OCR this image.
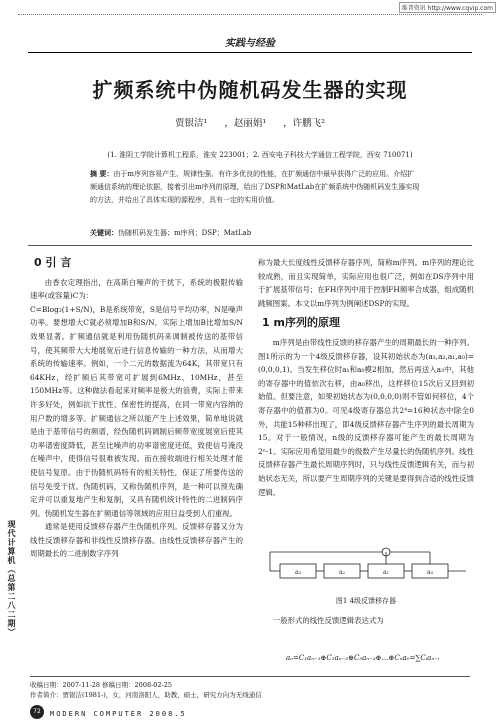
维普资讯 http://www.cqvip.com
实践与经验
扩频系统中伪随机码发生器的实现
贾银洁¹ ，赵丽娟¹ ，许鹏飞²
(1. 淮阴工学院计算机工程系，淮安 223001；2. 西安电子科技大学通信工程学院，西安 710071)
摘 要：由于m序列容易产生、规律性强、有许多优良的性能，在扩频通信中最早获得广泛的应用。介绍扩频通信系统的理论依据，接着引出m序列的原理，给出了DSP和MatLab在扩频系统中伪随机码发生器实现的方法，并给出了具体实现的源程序，具有一定的实用价值。
关键词：伪随机码发生器；m序列；DSP；MatLab
0 引 言
由香农定理指出，在高斯白噪声的干扰下，系统的极限传输速率(或容量)C为：
C=Blog₂(1+S/N)，B是系统带宽，S是信号平均功率，N是噪声功率。要想增大C就必须增加B和S/N，实际上增加B比增加S/N效果显著。扩频通信就是利用伪随机码来调制被传送的基带信号，使其频带大大地展宽后进行信息传输的一种方法，从而增大系统的传输速率。例如，一个二元的数据流为64K，其带宽只有64KHz，经扩频后其带宽可扩展到6MHz、10MHz，甚至150MHz等。这种做法看起来对频率是极大的浪费，实际上带来许多好处，例如抗干扰性、保密性的提高，在同一带宽内容纳的用户数的增多等。扩频通信之所以能产生上述效果，简单地说就是由于基带信号的频谱，经伪随机码调制后频带宽度展宽后使其功率谱密度降低，甚至比噪声的功率谱密度还低，致使信号淹没在噪声中，使得信号很难被发现。而在接收端进行相关处理才能使信号复原。由于伪随机码特有的相关特性，保证了所要传送的信号免受干扰。伪随机码，又称伪随机序列，是一种可以预先确定并可以重复地产生和复制，又具有随机统计特性的二进制码序列。伪随机发生器在扩频通信等领域的应用日益受到人们重视。
通常是使用反馈移存器产生伪随机序列。反馈移存器又分为线性反馈移存器和非线性反馈移存器。由线性反馈移存器产生的周期最长的二进制数字序列
称为最大长度线性反馈移存器序列，简称m序列。m序列的理论比较成熟，而且实现简单，实际应用也很广泛，例如在DS序列中用于扩展基带信号；在FH序列中用于控制FH频率合成器，组成随机跳频图案。本文以m序列为例阐述DSP的实现。
1 m序列的原理
m序列是由带线性反馈的移存器产生的周期最长的一种序列。图1所示的为一个4级反馈移存器，设其初始状态为(a₃,a₂,a₁,a₀)=(0,0,0,1)。当发生移位时a₁和a₀模2相加，然后再送入a₃中，其他的寄存器中的值依次右移，由a₀移出，这样移位15次后又回到初始值。但要注意，如果初始状态为(0,0,0,0)则不管如何移位，4个寄存器中的值都为0。可见4级寄存器总共2⁴=16种状态中除全0外，共能15种移出现了，即4级反馈移存器产生序列的最长周期为15。对于一般情况，n级的反馈移存器可能产生的最长周期为2ⁿ-1。实际应用希望用最少的级数产生尽量长的伪随机序列。线性反馈移存器产生最长周期序列时，只与线性反馈逻辑有关，而与初始状态无关，所以要产生周期序列的关键是要得到合适的线性反馈逻辑。
现代计算机（总第二八二期）	a₃	a₂	a₁	a₀
图1 4级反馈移存器
一般形式的线性反馈逻辑表达式为
aₙ=C₁aₙ₋₁⊕C₂aₙ₋₂⊕C₃aₙ₋₃⊕…⊕Cₙa₀=∑Cᵢaₙ₋ᵢ
收稿日期：2007-11-28 修稿日期：2008-02-25
作者简介：贾银洁(1981-)，女，河南洛阳人，助教，硕士，研究方向为无线通信
72	MODERN COMPUTER 2008.5
